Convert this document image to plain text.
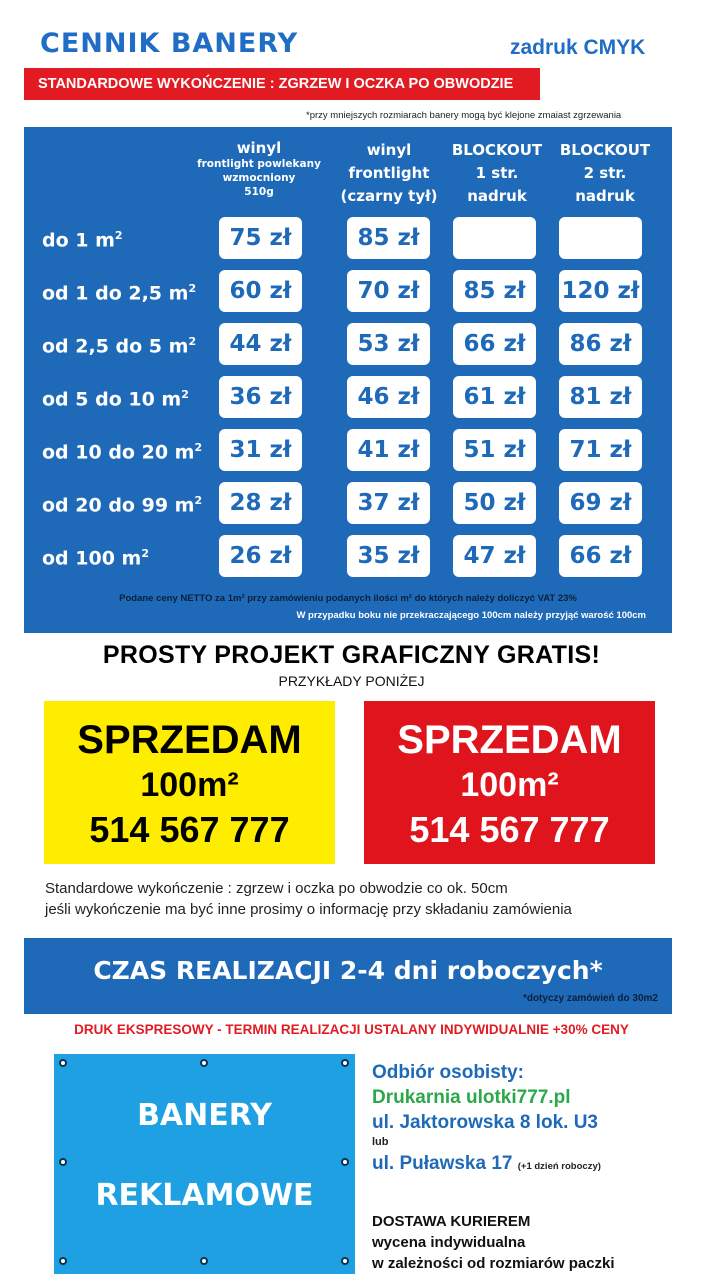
CENNIK BANERY	zadruk CMYK
STANDARDOWE WYKOŃCZENIE : ZGRZEW I OCZKA PO OBWODZIE
*przy mniejszych rozmiarach banery mogą być klejone zmaiast zgrzewania
winyl
frontlight powlekany
wzmocniony
510g
winyl
frontlight
(czarny tył)
BLOCKOUT
1 str.
nadruk
BLOCKOUT
2 str.
nadruk
do 1 $m^2$	75 zł	85 zł
od 1 do 2,5 $m^2$	60 zł	70 zł	85 zł	120 zł
od 2,5 do 5 $m^2$	44 zł	53 zł	66 zł	86 zł
od 5 do 10 $m^2$	36 zł	46 zł	61 zł	81 zł
od 10 do 20 $m^2$	31 zł	41 zł	51 zł	71 zł
od 20 do 99 $m^2$	28 zł	37 zł	50 zł	69 zł
od 100 $m^2$	26 zł	35 zł	47 zł	66 zł
Podane ceny NETTO za 1m² przy zamówieniu podanych ilości m² do których należy doliczyć VAT 23%
W przypadku boku nie przekraczającego 100cm należy przyjąć warość 100cm
PROSTY PROJEKT GRAFICZNY GRATIS!
PRZYKŁADY PONIŻEJ
SPRZEDAM
100m²
514 567 777
SPRZEDAM
100m²
514 567 777
Standardowe wykończenie : zgrzew i oczka po obwodzie co ok. 50cm
jeśli wykończenie ma być inne prosimy o informację przy składaniu zamówienia
CZAS REALIZACJI 2-4 dni roboczych*
*dotyczy zamówień do 30m2
DRUK EKSPRESOWY - TERMIN REALIZACJI USTALANY INDYWIDUALNIE +30% CENY
BANERY
REKLAMOWE
Odbiór osobisty:
Drukarnia ulotki777.pl
ul. Jaktorowska 8 lok. U3
lub
ul. Puławska 17 (+1 dzień roboczy)
DOSTAWA KURIEREM
wycena indywidualna
w zależności od rozmiarów paczki
